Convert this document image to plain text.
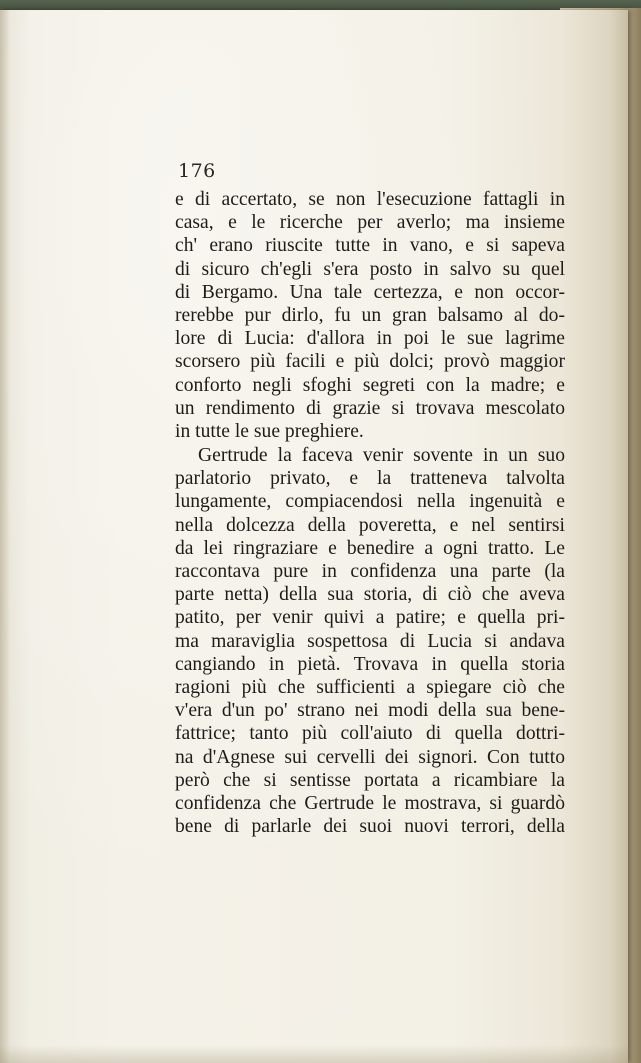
176
e di accertato, se non l'esecuzione fattagli in
casa, e le ricerche per averlo; ma insieme
ch' erano riuscite tutte in vano, e si sapeva
di sicuro ch'egli s'era posto in salvo su quel
di Bergamo. Una tale certezza, e non occor-
rerebbe pur dirlo, fu un gran balsamo al do-
lore di Lucia: d'allora in poi le sue lagrime
scorsero più facili e più dolci; provò maggior
conforto negli sfoghi segreti con la madre; e
un rendimento di grazie si trovava mescolato
in tutte le sue preghiere.
Gertrude la faceva venir sovente in un suo
parlatorio privato, e la tratteneva talvolta
lungamente, compiacendosi nella ingenuità e
nella dolcezza della poveretta, e nel sentirsi
da lei ringraziare e benedire a ogni tratto. Le
raccontava pure in confidenza una parte (la
parte netta) della sua storia, di ciò che aveva
patito, per venir quivi a patire; e quella pri-
ma maraviglia sospettosa di Lucia si andava
cangiando in pietà. Trovava in quella storia
ragioni più che sufficienti a spiegare ciò che
v'era d'un po' strano nei modi della sua bene-
fattrice; tanto più coll'aiuto di quella dottri-
na d'Agnese sui cervelli dei signori. Con tutto
però che si sentisse portata a ricambiare la
confidenza che Gertrude le mostrava, si guardò
bene di parlarle dei suoi nuovi terrori, della
